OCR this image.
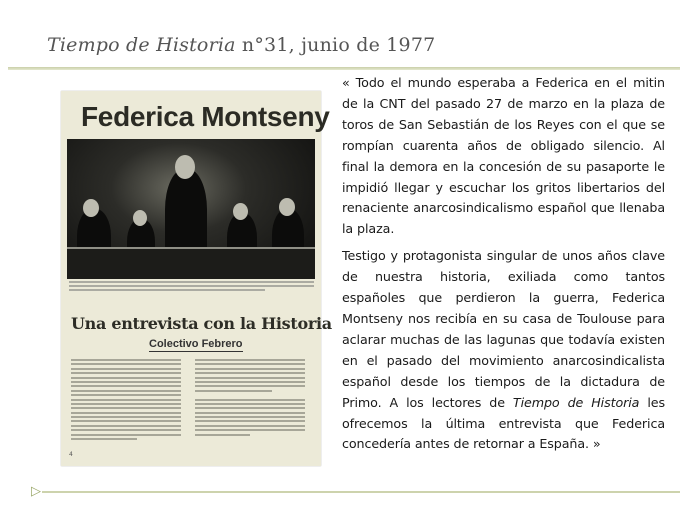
Tiempo de Historia n°31, junio de 1977
Federica Montseny
Una entrevista con la Historia
Colectivo Febrero
4

« Todo el mundo esperaba a Federica en el mitin de la CNT del pasado 27 de marzo en la plaza de toros de San Sebastián de los Reyes con el que se rompían cuarenta años de obligado silencio. Al final la demora en la concesión de su pasaporte le impidió llegar y escuchar los gritos libertarios del renaciente anarcosindicalismo español que llenaba la plaza.

Testigo y protagonista singular de unos años clave de nuestra historia, exiliada como tantos españoles que perdieron la guerra, Federica Montseny nos recibía en su casa de Toulouse para aclarar muchas de las lagunas que todavía existen en el pasado del movimiento anarcosindicalista español desde los tiempos de la dictadura de Primo. A los lectores de Tiempo de Historia les ofrecemos la última entrevista que Federica concedería antes de retornar a España. »

▷
